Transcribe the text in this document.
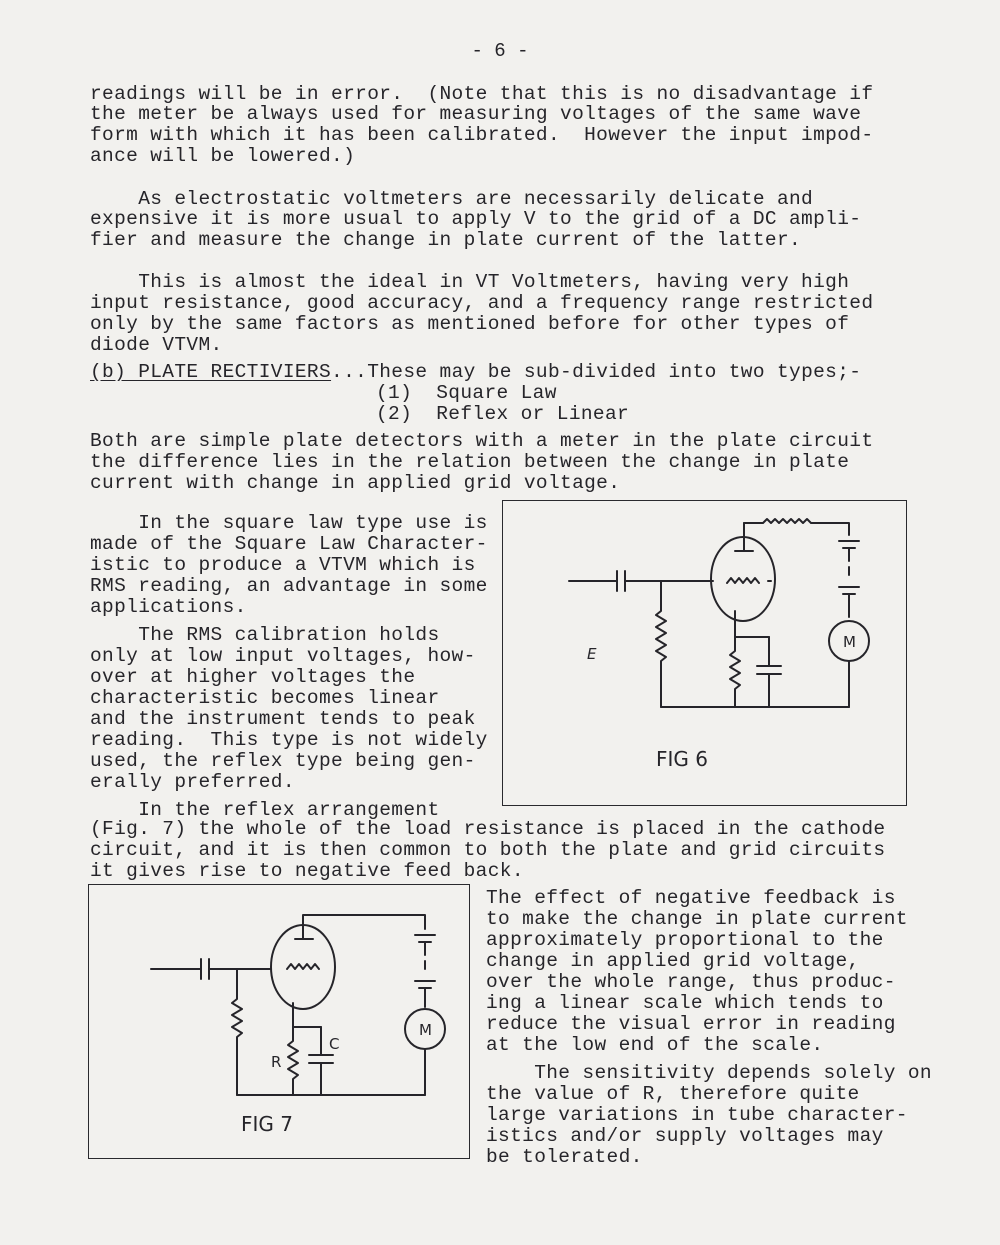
- 6 -
readings will be in error.  (Note that this is no disadvantage if
the meter be always used for measuring voltages of the same wave
form with which it has been calibrated.  However the input impod-
ance will be lowered.)
As electrostatic voltmeters are necessarily delicate and
expensive it is more usual to apply V to the grid of a DC ampli-
fier and measure the change in plate current of the latter.
This is almost the ideal in VT Voltmeters, having very high
input resistance, good accuracy, and a frequency range restricted
only by the same factors as mentioned before for other types of
diode VTVM.
(b) PLATE RECTIVIERS...These may be sub-divided into two types;-
(1)  Square Law
(2)  Reflex or Linear
Both are simple plate detectors with a meter in the plate circuit
the difference lies in the relation between the change in plate
current with change in applied grid voltage.
In the square law type use is
made of the Square Law Character-
istic to produce a VTVM which is
RMS reading, an advantage in some
applications.
The RMS calibration holds
only at low input voltages, how-
over at higher voltages the
characteristic becomes linear
and the instrument tends to peak
reading.  This type is not widely
used, the reflex type being gen-
erally preferred.
In the reflex arrangement
(Fig. 7) the whole of the load resistance is placed in the cathode
circuit, and it is then common to both the plate and grid circuits
it gives rise to negative feed back.
The effect of negative feedback is
to make the change in plate current
approximately proportional to the
change in applied grid voltage,
over the whole range, thus produc-
ing a linear scale which tends to
reduce the visual error in reading
at the low end of the scale.
The sensitivity depends solely on
the value of R, therefore quite
large variations in tube character-
istics and/or supply voltages may
be tolerated.
E
M
FIG 6
R
C
M
FIG 7
